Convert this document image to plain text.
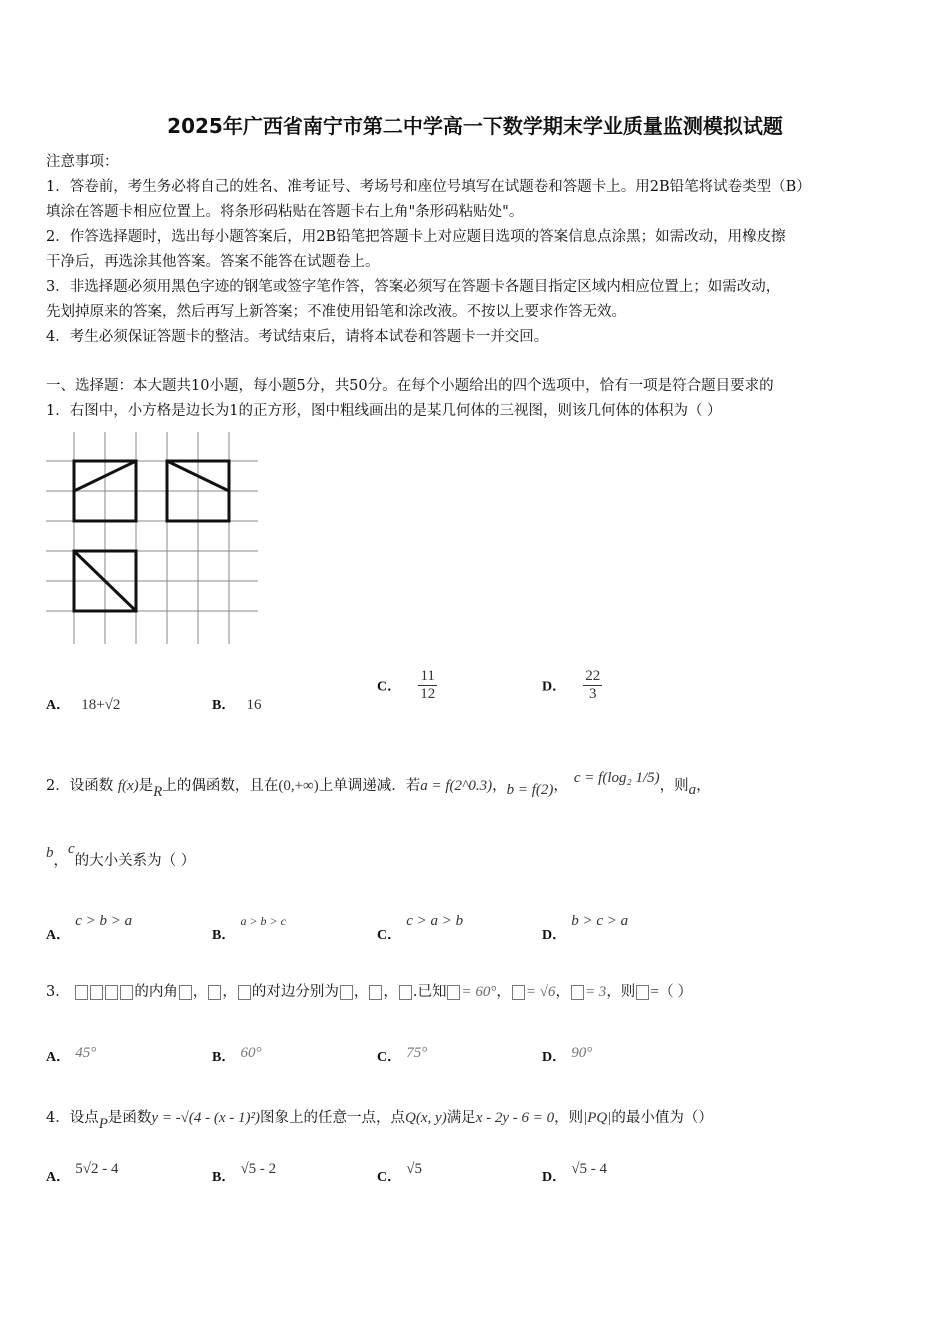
2025年广西省南宁市第二中学高一下数学期末学业质量监测模拟试题
注意事项：
1．答卷前，考生务必将自己的姓名、准考证号、考场号和座位号填写在试题卷和答题卡上。用2B铅笔将试卷类型（B）
填涂在答题卡相应位置上。将条形码粘贴在答题卡右上角"条形码粘贴处"。
2．作答选择题时，选出每小题答案后，用2B铅笔把答题卡上对应题目选项的答案信息点涂黑；如需改动，用橡皮擦
干净后，再选涂其他答案。答案不能答在试题卷上。
3．非选择题必须用黑色字迹的钢笔或签字笔作答，答案必须写在答题卡各题目指定区域内相应位置上；如需改动，
先划掉原来的答案，然后再写上新答案；不准使用铅笔和涂改液。不按以上要求作答无效。
4．考生必须保证答题卡的整洁。考试结束后，请将本试卷和答题卡一并交回。
一、选择题：本大题共10小题，每小题5分，共50分。在每个小题给出的四个选项中，恰有一项是符合题目要求的
1．右图中，小方格是边长为1的正方形，图中粗线画出的是某几何体的三视图，则该几何体的体积为（ ）
A． 18+√2	B． 16
C． $\frac{11}{12}$	D． $\frac{22}{3}$
2．设函数 f(x)是R上的偶函数，且在(0,+∞)上单调递减．若a = f(2^0.3)，b = f(2)， c = f(log₂ 1/5)，则a，
b，c的大小关系为（ ）
A． c > b > a
B． a > b > c
C． c > a > b
D． b > c > a
3．	的内角 ， ， 的对边分别为 ， ， .已知 = 60°， = √6， = 3，则 =（ ）
A． 45°	B． 60°	C． 75°	D． 90°
4．设点P是函数y = -√(4 - (x - 1)²)图象上的任意一点，点Q(x, y)满足x - 2y - 6 = 0，则|PQ|的最小值为（）
A． 5√2 - 4
B． √5 - 2
C． √5
D． √5 - 4
